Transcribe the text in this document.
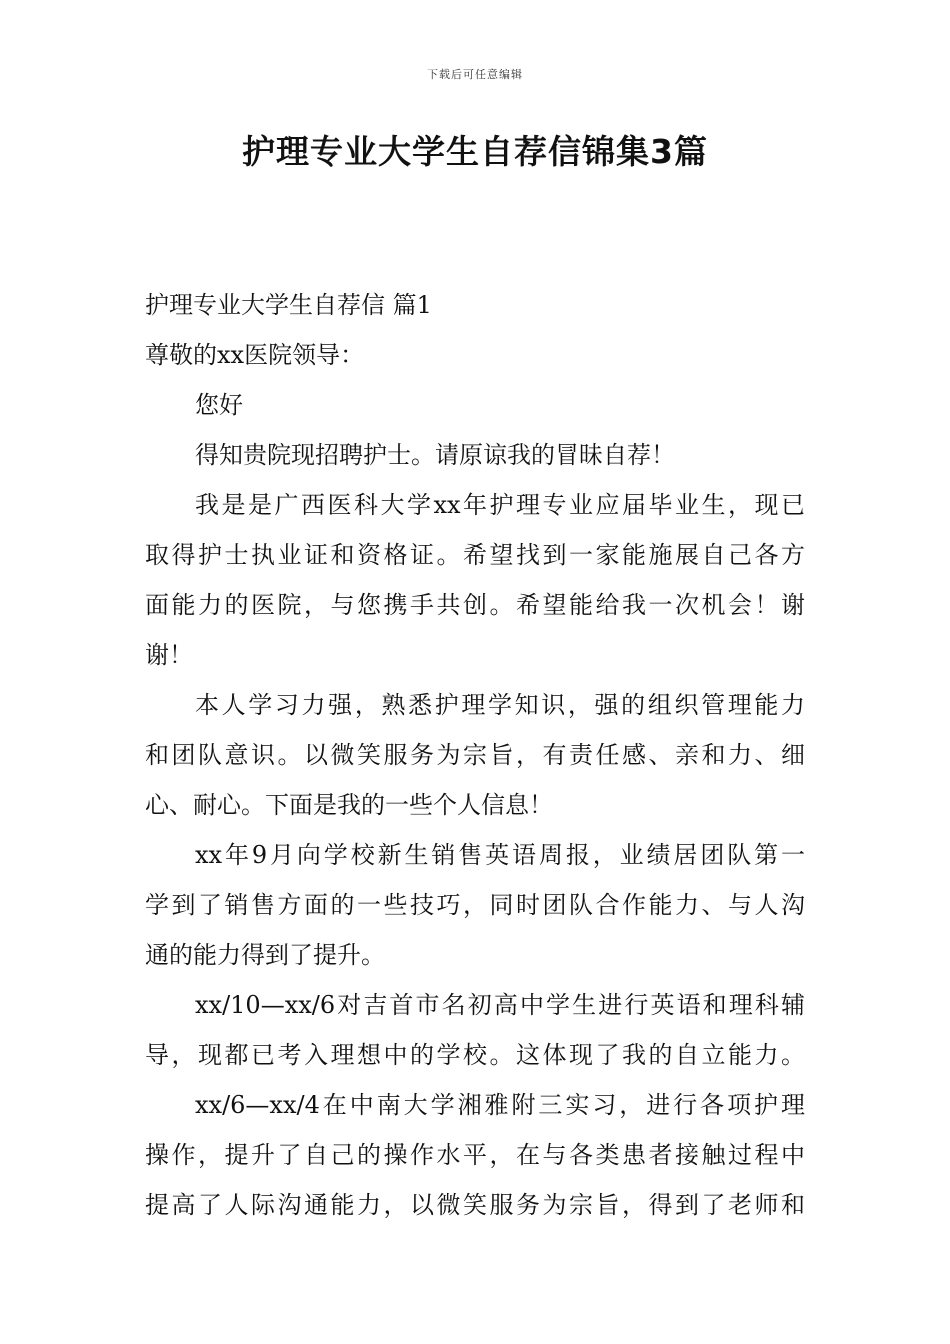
下载后可任意编辑
护理专业大学生自荐信锦集3篇
护理专业大学生自荐信 篇1
尊敬的xx医院领导：
您好
得知贵院现招聘护士。请原谅我的冒昧自荐！
我是是广西医科大学xx年护理专业应届毕业生，现已
取得护士执业证和资格证。希望找到一家能施展自己各方
面能力的医院，与您携手共创。希望能给我一次机会！谢
谢！
本人学习力强，熟悉护理学知识，强的组织管理能力
和团队意识。以微笑服务为宗旨，有责任感、亲和力、细
心、耐心。下面是我的一些个人信息！
xx年9月向学校新生销售英语周报，业绩居团队第一
学到了销售方面的一些技巧，同时团队合作能力、与人沟
通的能力得到了提升。
xx/10—xx/6对吉首市名初高中学生进行英语和理科辅
导，现都已考入理想中的学校。这体现了我的自立能力。
xx/6—xx/4在中南大学湘雅附三实习，进行各项护理
操作，提升了自己的操作水平，在与各类患者接触过程中
提高了人际沟通能力，以微笑服务为宗旨，得到了老师和
